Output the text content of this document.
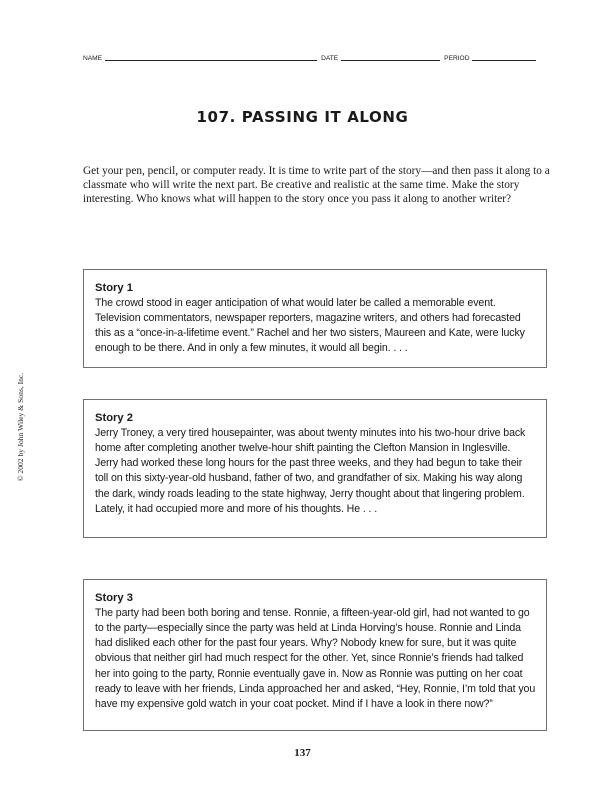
NAME	DATE	PERIOD
107. PASSING IT ALONG

Get your pen, pencil, or computer ready. It is time to write part of the story—and then pass it along to a classmate who will write the next part. Be creative and realistic at the same time. Make the story interesting. Who knows what will happen to the story once you pass it along to another writer?

© 2002 by John Wiley & Sons, Inc.

Story 1

The crowd stood in eager anticipation of what would later be called a memorable event. Television commentators, newspaper reporters, magazine writers, and others had forecasted this as a “once-in-a-lifetime event.” Rachel and her two sisters, Maureen and Kate, were lucky enough to be there. And in only a few minutes, it would all begin. . . .

Story 2

Jerry Troney, a very tired housepainter, was about twenty minutes into his two-hour drive back home after completing another twelve-hour shift painting the Clefton Mansion in Inglesville. Jerry had worked these long hours for the past three weeks, and they had begun to take their toll on this sixty-year-old husband, father of two, and grandfather of six. Making his way along the dark, windy roads leading to the state highway, Jerry thought about that lingering problem. Lately, it had occupied more and more of his thoughts. He . . .

Story 3

The party had been both boring and tense. Ronnie, a fifteen-year-old girl, had not wanted to go to the party—especially since the party was held at Linda Horving’s house. Ronnie and Linda had disliked each other for the past four years. Why? Nobody knew for sure, but it was quite obvious that neither girl had much respect for the other. Yet, since Ronnie’s friends had talked her into going to the party, Ronnie eventually gave in. Now as Ronnie was putting on her coat ready to leave with her friends, Linda approached her and asked, “Hey, Ronnie, I’m told that you have my expensive gold watch in your coat pocket. Mind if I have a look in there now?”

137
